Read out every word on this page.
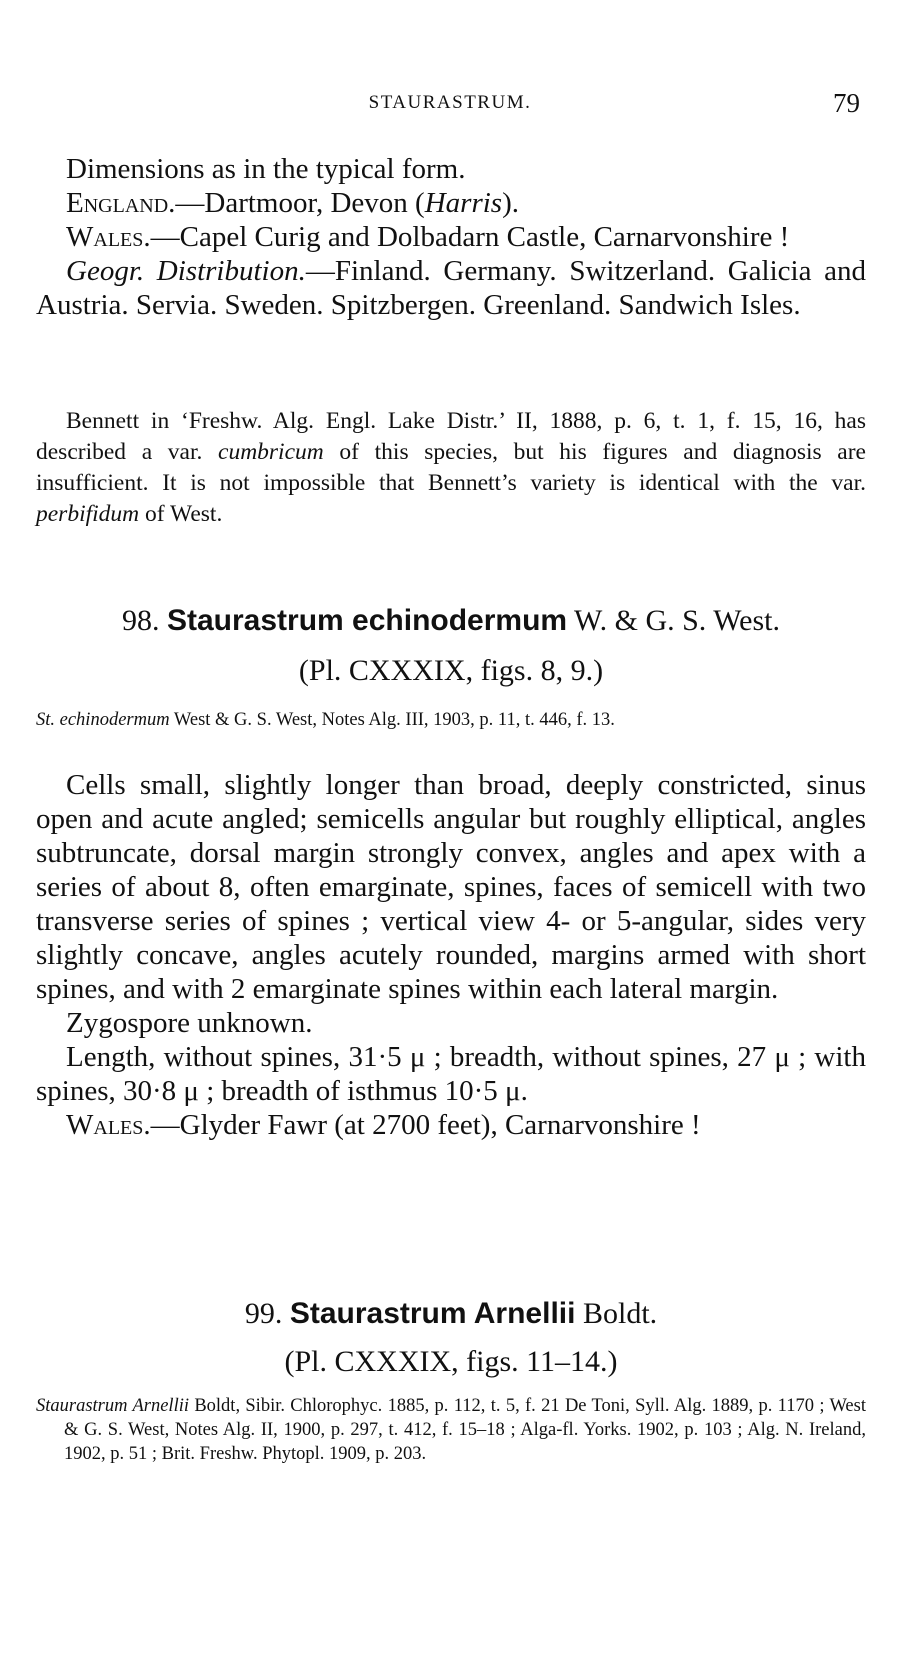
STAURASTRUM.	79

Dimensions as in the typical form.

England.—Dartmoor, Devon (Harris).

Wales.—Capel Curig and Dolbadarn Castle, Carnarvonshire !

Geogr. Distribution.—Finland. Germany. Switzerland. Galicia and Austria. Servia. Sweden. Spitzbergen. Greenland. Sandwich Isles.

Bennett in ‘Freshw. Alg. Engl. Lake Distr.’ II, 1888, p. 6, t. 1, f. 15, 16, has described a var. cumbricum of this species, but his figures and diagnosis are insufficient. It is not impossible that Bennett’s variety is identical with the var. perbifidum of West.

98. Staurastrum echinodermum W. & G. S. West.
(Pl. CXXXIX, figs. 8, 9.)

St. echinodermum West & G. S. West, Notes Alg. III, 1903, p. 11, t. 446, f. 13.

Cells small, slightly longer than broad, deeply constricted, sinus open and acute angled; semicells angular but roughly elliptical, angles subtruncate, dorsal margin strongly convex, angles and apex with a series of about 8, often emarginate, spines, faces of semicell with two transverse series of spines ; vertical view 4- or 5-angular, sides very slightly concave, angles acutely rounded, margins armed with short spines, and with 2 emarginate spines within each lateral margin.

Zygospore unknown.

Length, without spines, 31·5 μ ; breadth, without spines, 27 μ ; with spines, 30·8 μ ; breadth of isthmus 10·5 μ.

Wales.—Glyder Fawr (at 2700 feet), Carnarvonshire !

99. Staurastrum Arnellii Boldt.
(Pl. CXXXIX, figs. 11–14.)

Staurastrum Arnellii Boldt, Sibir. Chlorophyc. 1885, p. 112, t. 5, f. 21 De Toni, Syll. Alg. 1889, p. 1170 ; West & G. S. West, Notes Alg. II, 1900, p. 297, t. 412, f. 15–18 ; Alga-fl. Yorks. 1902, p. 103 ; Alg. N. Ireland, 1902, p. 51 ; Brit. Freshw. Phytopl. 1909, p. 203.
